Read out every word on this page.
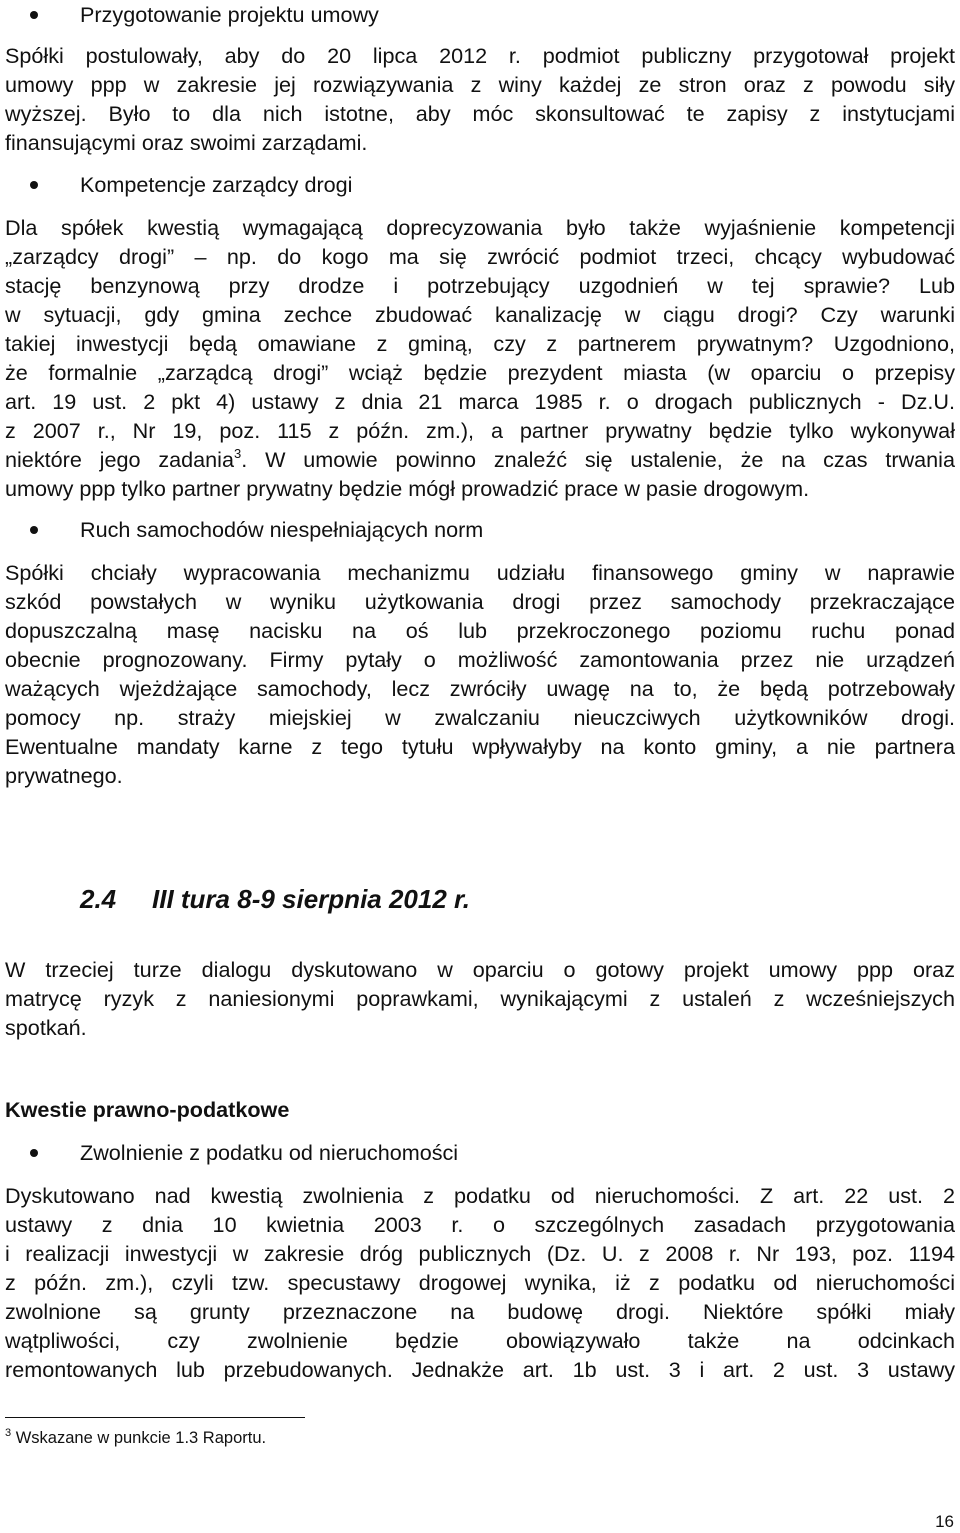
Przygotowanie projektu umowy
Spółki postulowały, aby do 20 lipca 2012 r. podmiot publiczny przygotował projekt
umowy ppp w zakresie jej rozwiązywania z winy każdej ze stron oraz z powodu siły
wyższej. Było to dla nich istotne, aby móc skonsultować te zapisy z instytucjami
finansującymi oraz swoimi zarządami.
Kompetencje zarządcy drogi
Dla spółek kwestią wymagającą doprecyzowania było także wyjaśnienie kompetencji
„zarządcy drogi” – np. do kogo ma się zwrócić podmiot trzeci, chcący wybudować
stację benzynową przy drodze i potrzebujący uzgodnień w tej sprawie? Lub
w sytuacji, gdy gmina zechce zbudować kanalizację w ciągu drogi? Czy warunki
takiej inwestycji będą omawiane z gminą, czy z partnerem prywatnym? Uzgodniono,
że formalnie „zarządcą drogi” wciąż będzie prezydent miasta (w oparciu o przepisy
art. 19 ust. 2 pkt 4) ustawy z dnia 21 marca 1985 r. o drogach publicznych - Dz.U.
z 2007 r., Nr 19, poz. 115 z późn. zm.), a partner prywatny będzie tylko wykonywał
niektóre jego zadania$^3$. W umowie powinno znaleźć się ustalenie, że na czas trwania
umowy ppp tylko partner prywatny będzie mógł prowadzić prace w pasie drogowym.
Ruch samochodów niespełniających norm
Spółki chciały wypracowania mechanizmu udziału finansowego gminy w naprawie
szkód powstałych w wyniku użytkowania drogi przez samochody przekraczające
dopuszczalną masę nacisku na oś lub przekroczonego poziomu ruchu ponad
obecnie prognozowany. Firmy pytały o możliwość zamontowania przez nie urządzeń
ważących wjeżdżające samochody, lecz zwróciły uwagę na to, że będą potrzebowały
pomocy np. straży miejskiej w zwalczaniu nieuczciwych użytkowników drogi.
Ewentualne mandaty karne z tego tytułu wpływałyby na konto gminy, a nie partnera
prywatnego.
2.4 III tura 8-9 sierpnia 2012 r.
W trzeciej turze dialogu dyskutowano w oparciu o gotowy projekt umowy ppp oraz
matrycę ryzyk z naniesionymi poprawkami, wynikającymi z ustaleń z wcześniejszych
spotkań.
Kwestie prawno-podatkowe
Zwolnienie z podatku od nieruchomości
Dyskutowano nad kwestią zwolnienia z podatku od nieruchomości. Z art. 22 ust. 2
ustawy z dnia 10 kwietnia 2003 r. o szczególnych zasadach przygotowania
i realizacji inwestycji w zakresie dróg publicznych (Dz. U. z 2008 r. Nr 193, poz. 1194
z późn. zm.), czyli tzw. specustawy drogowej wynika, iż z podatku od nieruchomości
zwolnione są grunty przeznaczone na budowę drogi. Niektóre spółki miały
wątpliwości, czy zwolnienie będzie obowiązywało także na odcinkach
remontowanych lub przebudowanych. Jednakże art. 1b ust. 3 i art. 2 ust. 3 ustawy
$^3$ Wskazane w punkcie 1.3 Raportu.
16
